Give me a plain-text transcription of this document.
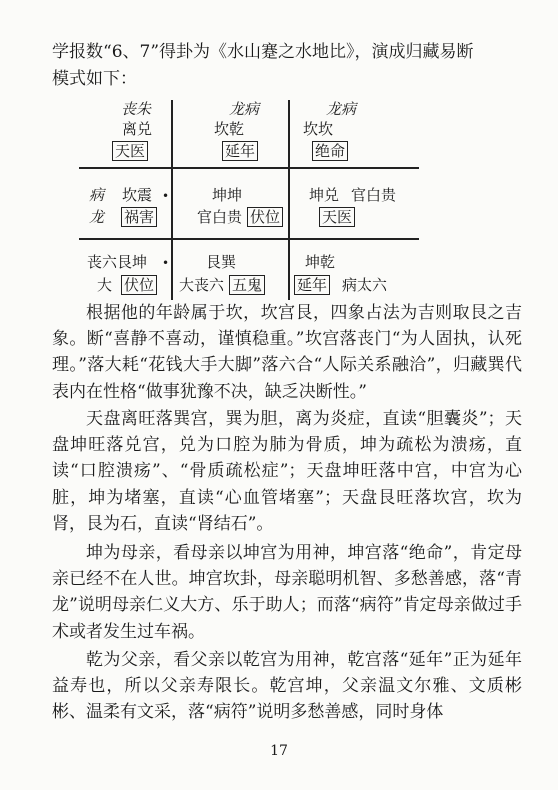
学报数“6、7”得卦为《水山蹇之水地比》，演成归藏易断
模式如下：
丧朱
离兑
天医
龙病
坎乾
延年
龙病
坎坎
绝命
病 坎震 •
龙 祸害
坤坤
官白贵 伏位
坤兑 官白贵
天医
丧六艮坤 •
大 伏位
艮巽
大丧六 五鬼
坤乾
延年 病太六
根据他的年龄属于坎，坎宫艮，四象占法为吉则取艮之吉象。断“喜静不喜动，谨慎稳重。”坎宫落丧门“为人固执，认死理。”落大耗“花钱大手大脚”落六合“人际关系融洽”，归藏巽代表内在性格“做事犹豫不决，缺乏决断性。”
天盘离旺落巽宫，巽为胆，离为炎症，直读“胆囊炎”；天盘坤旺落兑宫，兑为口腔为肺为骨质，坤为疏松为溃疡，直读“口腔溃疡”、“骨质疏松症”；天盘坤旺落中宫，中宫为心脏，坤为堵塞，直读“心血管堵塞”；天盘艮旺落坎宫，坎为肾，艮为石，直读“肾结石”。
坤为母亲，看母亲以坤宫为用神，坤宫落“绝命”，肯定母亲已经不在人世。坤宫坎卦，母亲聪明机智、多愁善感，落“青龙”说明母亲仁义大方、乐于助人；而落“病符”肯定母亲做过手术或者发生过车祸。
乾为父亲，看父亲以乾宫为用神，乾宫落“延年”正为延年益寿也，所以父亲寿限长。乾宫坤，父亲温文尔雅、文质彬彬、温柔有文采，落“病符”说明多愁善感，同时身体
17
